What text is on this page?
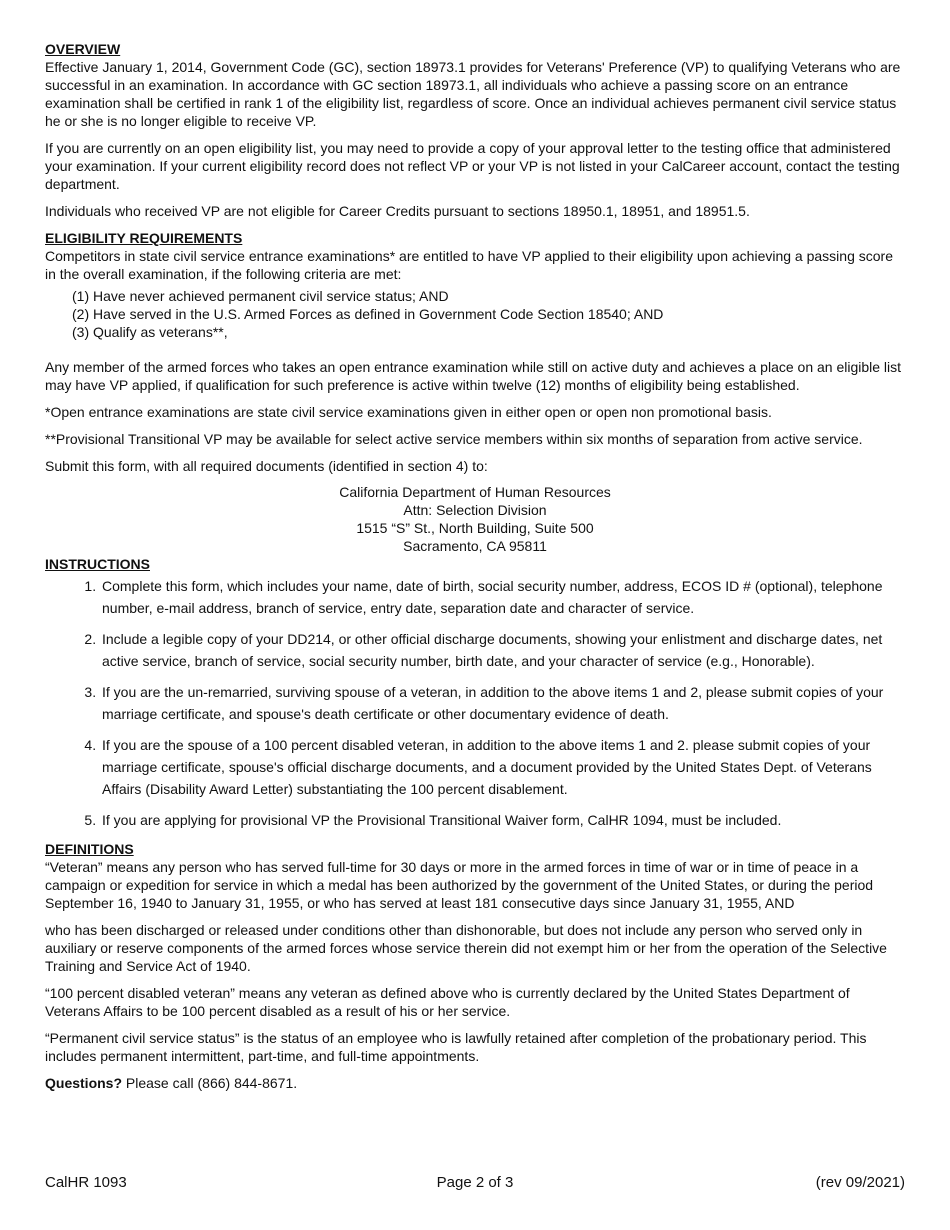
OVERVIEW

Effective January 1, 2014, Government Code (GC), section 18973.1 provides for Veterans' Preference (VP) to qualifying Veterans who are successful in an examination. In accordance with GC section 18973.1, all individuals who achieve a passing score on an entrance examination shall be certified in rank 1 of the eligibility list, regardless of score. Once an individual achieves permanent civil service status he or she is no longer eligible to receive VP.

If you are currently on an open eligibility list, you may need to provide a copy of your approval letter to the testing office that administered your examination. If your current eligibility record does not reflect VP or your VP is not listed in your CalCareer account, contact the testing department.

Individuals who received VP are not eligible for Career Credits pursuant to sections 18950.1, 18951, and 18951.5.

ELIGIBILITY REQUIREMENTS

Competitors in state civil service entrance examinations* are entitled to have VP applied to their eligibility upon achieving a passing score in the overall examination, if the following criteria are met:

(1) Have never achieved permanent civil service status; AND
(2) Have served in the U.S. Armed Forces as defined in Government Code Section 18540; AND
(3) Qualify as veterans**,

Any member of the armed forces who takes an open entrance examination while still on active duty and achieves a place on an eligible list may have VP applied, if qualification for such preference is active within twelve (12) months of eligibility being established.

*Open entrance examinations are state civil service examinations given in either open or open non promotional basis.

**Provisional Transitional VP may be available for select active service members within six months of separation from active service.

Submit this form, with all required documents (identified in section 4) to:

California Department of Human Resources
Attn: Selection Division
1515 “S” St., North Building, Suite 500
Sacramento, CA 95811
INSTRUCTIONS
1. Complete this form, which includes your name, date of birth, social security number, address, ECOS ID # (optional), telephone number, e-mail address, branch of service, entry date, separation date and character of service.
2. Include a legible copy of your DD214, or other official discharge documents, showing your enlistment and discharge dates, net active service, branch of service, social security number, birth date, and your character of service (e.g., Honorable).
3. If you are the un-remarried, surviving spouse of a veteran, in addition to the above items 1 and 2, please submit copies of your marriage certificate, and spouse's death certificate or other documentary evidence of death.
4. If you are the spouse of a 100 percent disabled veteran, in addition to the above items 1 and 2. please submit copies of your marriage certificate, spouse's official discharge documents, and a document provided by the United States Dept. of Veterans Affairs (Disability Award Letter) substantiating the 100 percent disablement.
5. If you are applying for provisional VP the Provisional Transitional Waiver form, CalHR 1094, must be included.
DEFINITIONS

“Veteran” means any person who has served full-time for 30 days or more in the armed forces in time of war or in time of peace in a campaign or expedition for service in which a medal has been authorized by the government of the United States, or during the period September 16, 1940 to January 31, 1955, or who has served at least 181 consecutive days since January 31, 1955, AND

who has been discharged or released under conditions other than dishonorable, but does not include any person who served only in auxiliary or reserve components of the armed forces whose service therein did not exempt him or her from the operation of the Selective Training and Service Act of 1940.

“100 percent disabled veteran” means any veteran as defined above who is currently declared by the United States Department of Veterans Affairs to be 100 percent disabled as a result of his or her service.

“Permanent civil service status” is the status of an employee who is lawfully retained after completion of the probationary period. This includes permanent intermittent, part-time, and full-time appointments.

Questions? Please call (866) 844-8671.

CalHR 1093	Page 2 of 3	(rev 09/2021)
